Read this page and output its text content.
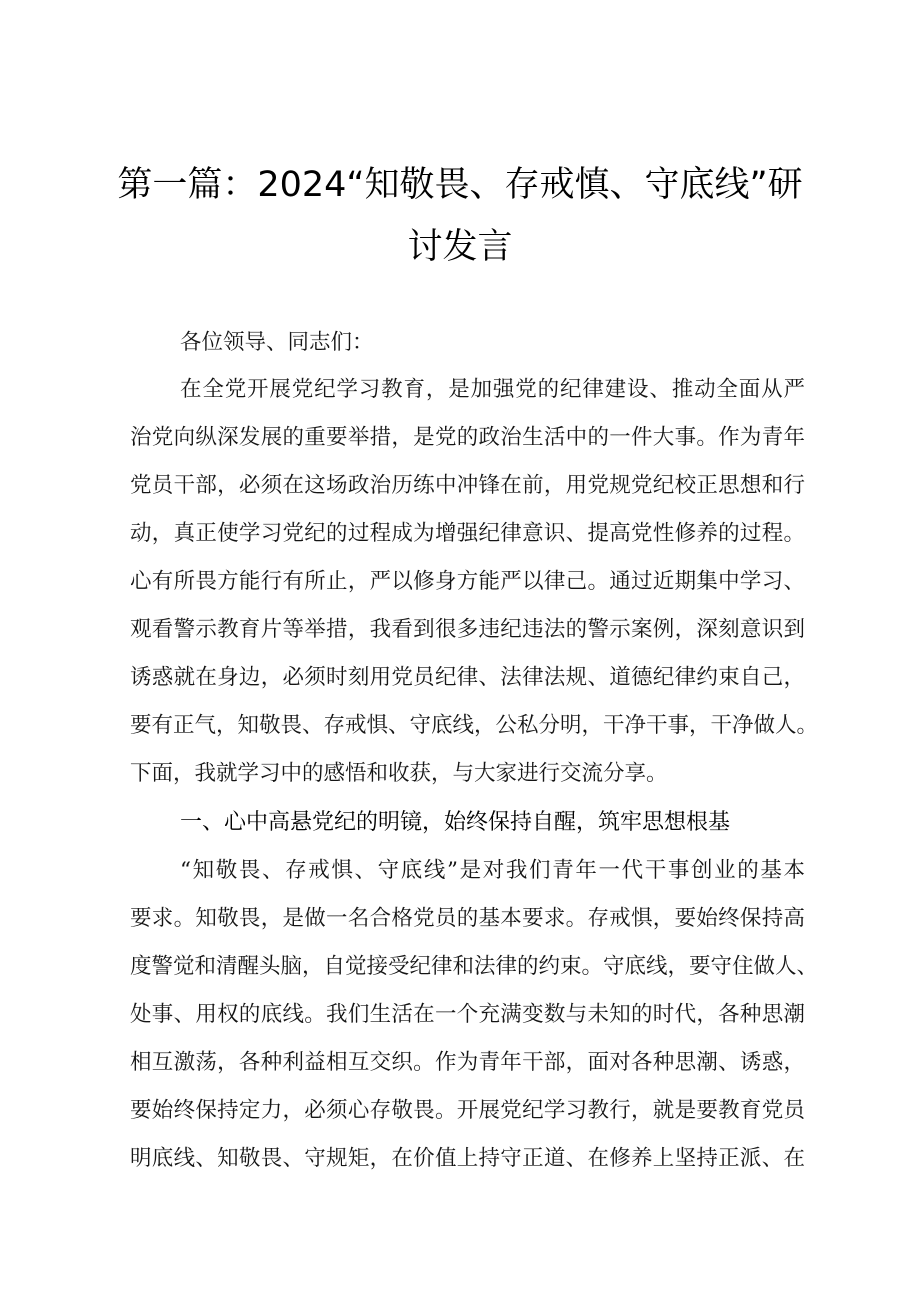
第一篇：2024“知敬畏、存戒慎、守底线”研
讨发言
各位领导、同志们：
在全党开展党纪学习教育，是加强党的纪律建设、推动全面从严
治党向纵深发展的重要举措，是党的政治生活中的一件大事。作为青年
党员干部，必须在这场政治历练中冲锋在前，用党规党纪校正思想和行
动，真正使学习党纪的过程成为增强纪律意识、提高党性修养的过程。
心有所畏方能行有所止，严以修身方能严以律己。通过近期集中学习、
观看警示教育片等举措，我看到很多违纪违法的警示案例，深刻意识到
诱惑就在身边，必须时刻用党员纪律、法律法规、道德纪律约束自己，
要有正气，知敬畏、存戒惧、守底线，公私分明，干净干事，干净做人。
下面，我就学习中的感悟和收获，与大家进行交流分享。
一、心中高悬党纪的明镜，始终保持自醒，筑牢思想根基
“知敬畏、存戒惧、守底线”是对我们青年一代干事创业的基本
要求。知敬畏，是做一名合格党员的基本要求。存戒惧，要始终保持高
度警觉和清醒头脑，自觉接受纪律和法律的约束。守底线，要守住做人、
处事、用权的底线。我们生活在一个充满变数与未知的时代，各种思潮
相互激荡，各种利益相互交织。作为青年干部，面对各种思潮、诱惑，
要始终保持定力，必须心存敬畏。开展党纪学习教行，就是要教育党员
明底线、知敬畏、守规矩，在价值上持守正道、在修养上坚持正派、在
